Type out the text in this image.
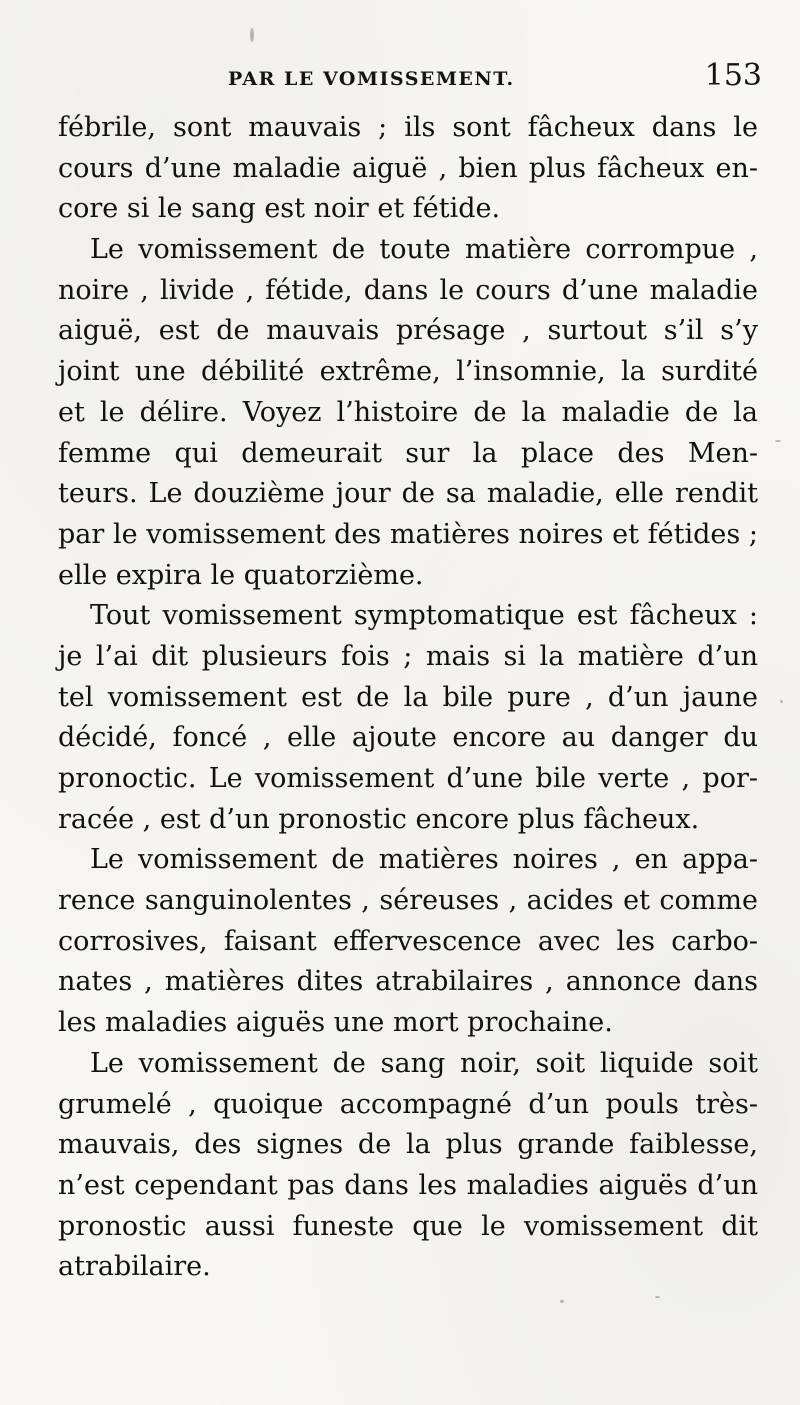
PAR LE VOMISSEMENT.	153
fébrile, sont mauvais ; ils sont fâcheux dans le
cours d’une maladie aiguë , bien plus fâcheux en-
core si le sang est noir et fétide.
Le vomissement de toute matière corrompue ,
noire , livide , fétide, dans le cours d’une maladie
aiguë, est de mauvais présage , surtout s’il s’y
joint une débilité extrême, l’insomnie, la surdité
et le délire. Voyez l’histoire de la maladie de la
femme qui demeurait sur la place des Men-
teurs. Le douzième jour de sa maladie, elle rendit
par le vomissement des matières noires et fétides ;
elle expira le quatorzième.
Tout vomissement symptomatique est fâcheux :
je l’ai dit plusieurs fois ; mais si la matière d’un
tel vomissement est de la bile pure , d’un jaune
décidé, foncé , elle ajoute encore au danger du
pronoctic. Le vomissement d’une bile verte , por-
racée , est d’un pronostic encore plus fâcheux.
Le vomissement de matières noires , en appa-
rence sanguinolentes , séreuses , acides et comme
corrosives, faisant effervescence avec les carbo-
nates , matières dites atrabilaires , annonce dans
les maladies aiguës une mort prochaine.
Le vomissement de sang noir, soit liquide soit
grumelé , quoique accompagné d’un pouls très-
mauvais, des signes de la plus grande faiblesse,
n’est cependant pas dans les maladies aiguës d’un
pronostic aussi funeste que le vomissement dit
atrabilaire.
